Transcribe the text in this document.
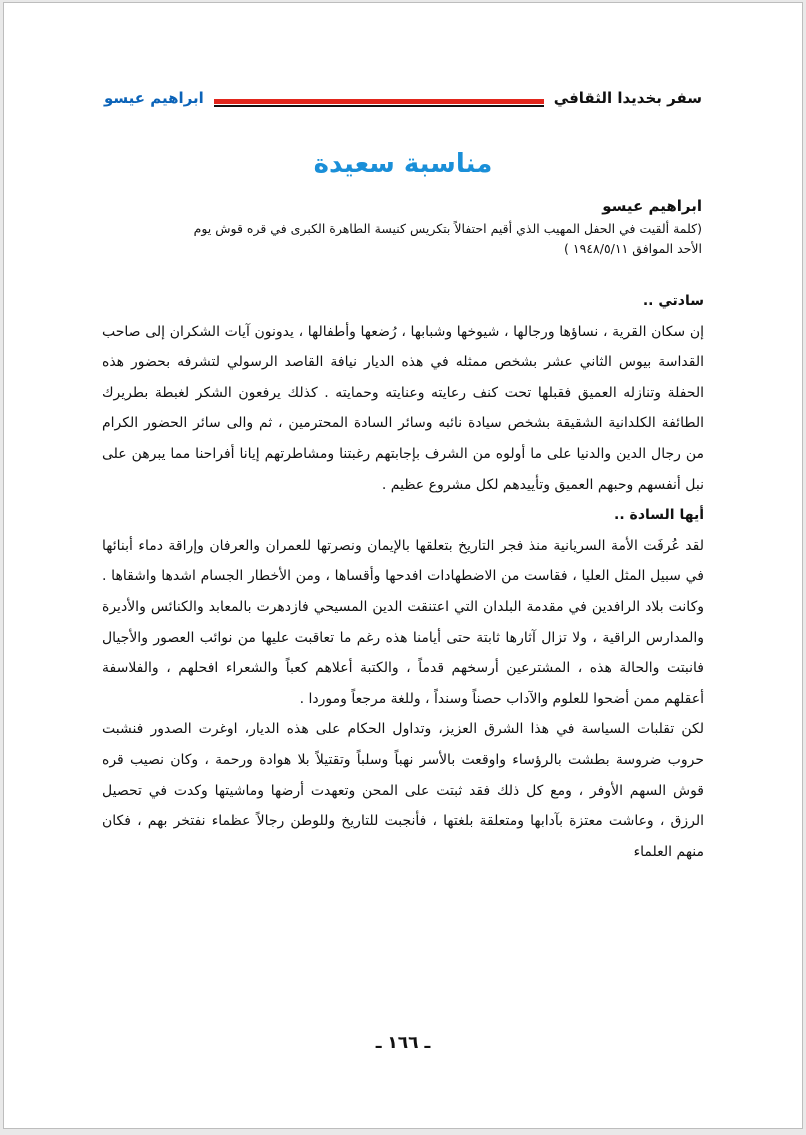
سفر بخديدا الثقافي
ابراهيم عيسو
مناسبة سعيدة
ابراهيم عيسو
(كلمة ألقيت في الحفل المهيب الذي أقيم احتفالاً بتكريس كنيسة الطاهرة الكبرى في قره قوش يوم الأحد الموافق ١٩٤٨/٥/١١ )

سادتي ..

إن سكان القرية ، نساؤها ورجالها ، شيوخها وشبابها ، رُضعها وأطفالها ، يدونون آيات الشكران إلى صاحب القداسة بيوس الثاني عشر بشخص ممثله في هذه الديار نيافة القاصد الرسولي لتشرفه بحضور هذه الحفلة وتنازله العميق فقبلها تحت كنف رعايته وعنايته وحمايته . كذلك يرفعون الشكر لغبطة بطريرك الطائفة الكلدانية الشقيقة بشخص سيادة نائبه وسائر السادة المحترمين ، ثم والى سائر الحضور الكرام من رجال الدين والدنيا على ما أولوه من الشرف بإجابتهم رغبتنا ومشاطرتهم إيانا أفراحنا مما يبرهن على نبل أنفسهم وحبهم العميق وتأييدهم لكل مشروع عظيم .

أيها السادة ..

لقد عُرفَت الأمة السريانية منذ فجر التاريخ بتعلقها بالإيمان ونصرتها للعمران والعرفان وإراقة دماء أبنائها في سبيل المثل العليا ، فقاست من الاضطهادات افدحها وأقساها ، ومن الأخطار الجسام اشدها واشقاها . وكانت بلاد الرافدين في مقدمة البلدان التي اعتنقت الدين المسيحي فازدهرت بالمعابد والكنائس والأديرة والمدارس الراقية ، ولا تزال آثارها ثابتة حتى أيامنا هذه رغم ما تعاقبت عليها من نوائب العصور والأجيال فانبتت والحالة هذه ، المشترعين أرسخهم قدماً ، والكتبة أعلاهم كعباً والشعراء افحلهم ، والفلاسفة أعقلهم ممن أضحوا للعلوم والآداب حصناً وسنداً ، وللغة مرجعاً وموردا .

لكن تقلبات السياسة في هذا الشرق العزيز، وتداول الحكام على هذه الديار، اوغرت الصدور فنشبت حروب ضروسة بطشت بالرؤساء واوقعت بالأسر نهباً وسلباً وتقتيلاً بلا هوادة ورحمة ، وكان نصيب قره قوش السهم الأوفر ، ومع كل ذلك فقد ثبتت على المحن وتعهدت أرضها وماشيتها وكدت في تحصيل الرزق ، وعاشت معتزة بآدابها ومتعلقة بلغتها ، فأنجبت للتاريخ وللوطن رجالاً عظماء نفتخر بهم ، فكان منهم العلماء

ـ ١٦٦ ـ
